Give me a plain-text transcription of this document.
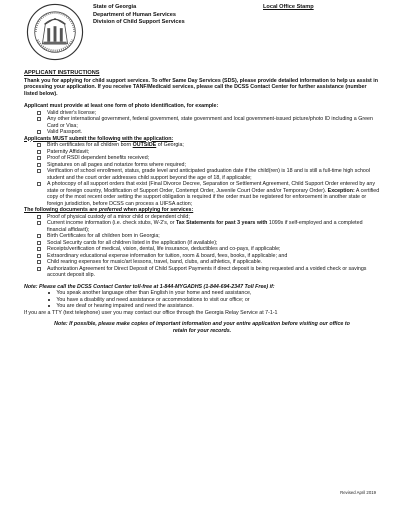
State of Georgia
Department of Human Services
Division of Child Support Services
Local Office Stamp
APPLICANT INSTRUCTIONS
Thank you for applying for child support services. To offer Same Day Services (SDS), please provide detailed information to help us assist in processing your application. If you receive TANF/Medicaid services, please call the DCSS Contact Center for further assistance (number listed below).
Applicant must provide at least one form of photo identification, for example:
Valid driver's license;
Any other international government, federal government, state government and local government-issued picture/photo ID including a Green Card or Visa;
Valid Passport.
Applicants MUST submit the following with the application:
Birth certificates for all children born OUTSIDE of Georgia;
Paternity Affidavit;
Proof of RSDI dependent benefits received;
Signatures on all pages and notarize forms where required;
Verification of school enrollment, status, grade level and anticipated graduation date if the child(ren) is 18 and is still a full-time high school student and the court order addresses child support beyond the age of 18, if applicable;
A photocopy of all support orders that exist (Final Divorce Decree, Separation or Settlement Agreement, Child Support Order entered by any state or foreign country, Modification of Support Order, Contempt Order, Juvenile Court Order and/or Temporary Order). Exception: A certified copy of the most recent order setting the support obligation is required if the order must be registered for enforcement in another state or foreign jurisdiction, before DCSS can process a UIFSA action;
The following documents are preferred when applying for services:
Proof of physical custody of a minor child or dependent child;
Current income information (i.e. check stubs, W-2's, or Tax Statements for past 3 years with 1099s if self-employed and a completed financial affidavit);
Birth Certificates for all children born in Georgia;
Social Security cards for all children listed in the application (if available);
Receipts/verification of medical, vision, dental, life insurance, deductibles and co-pays, if applicable;
Extraordinary educational expense information for tuition, room & board, fees, books, if applicable; and
Child rearing expenses for music/art lessons, travel, band, clubs, and athletics, if applicable.
Authorization Agreement for Direct Deposit of Child Support Payments if direct deposit is being requested and a voided check or savings account deposit slip.
Note: Please call the DCSS Contact Center toll-free at 1-844-MYGADHS (1-844-694-2347 Toll Free) if:
You speak another language other than English in your home and need assistance,
You have a disability and need assistance or accommodations to visit our office; or
You are deaf or hearing impaired and need the assistance.
If you are a TTY (text telephone) user you may contact our office through the Georgia Relay Service at 7-1-1
Note: If possible, please make copies of important information and your entire application before visiting our office to retain for your records.
Revised April 2019
